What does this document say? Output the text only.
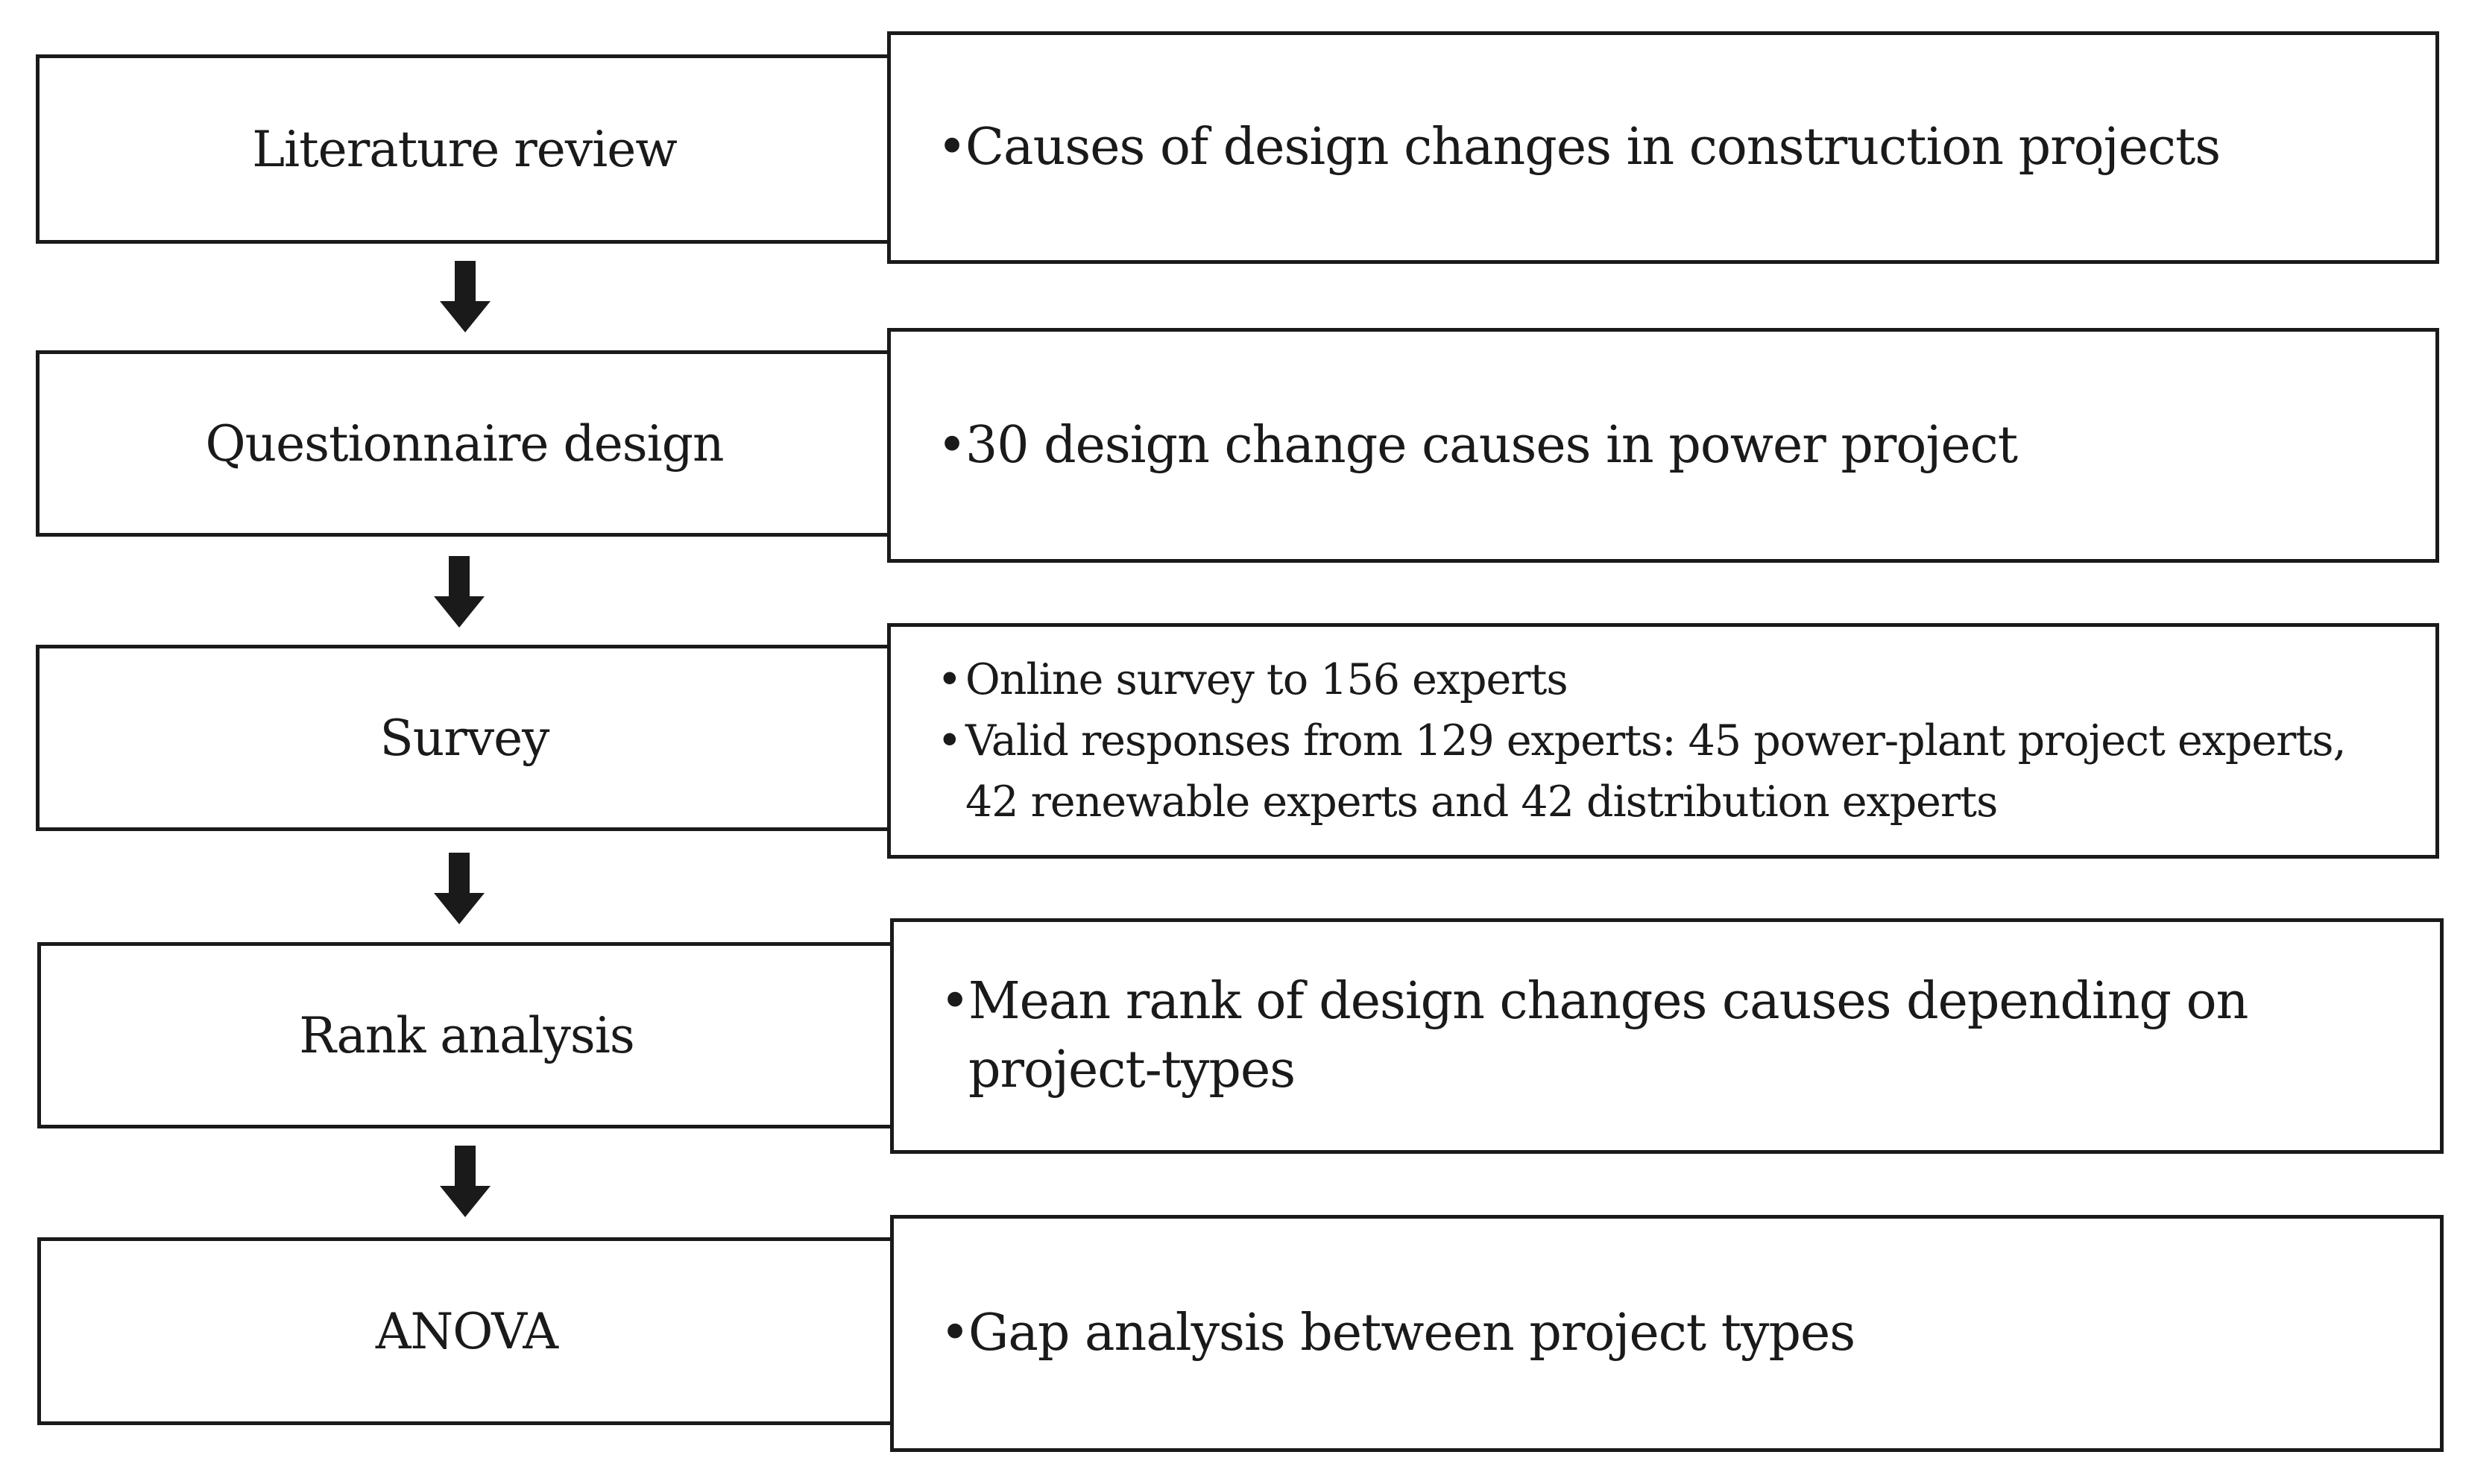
Literature review	•
Causes of design changes in construction projects
Questionnaire design	•
30 design change causes in power project
Survey
• Online survey to 156 experts
• Valid responses from 129 experts: 45 power-plant project experts, 42 renewable experts and 42 distribution experts
Rank analysis
•
Mean rank of design changes causes depending on project-types
ANOVA	•
Gap analysis between project types
